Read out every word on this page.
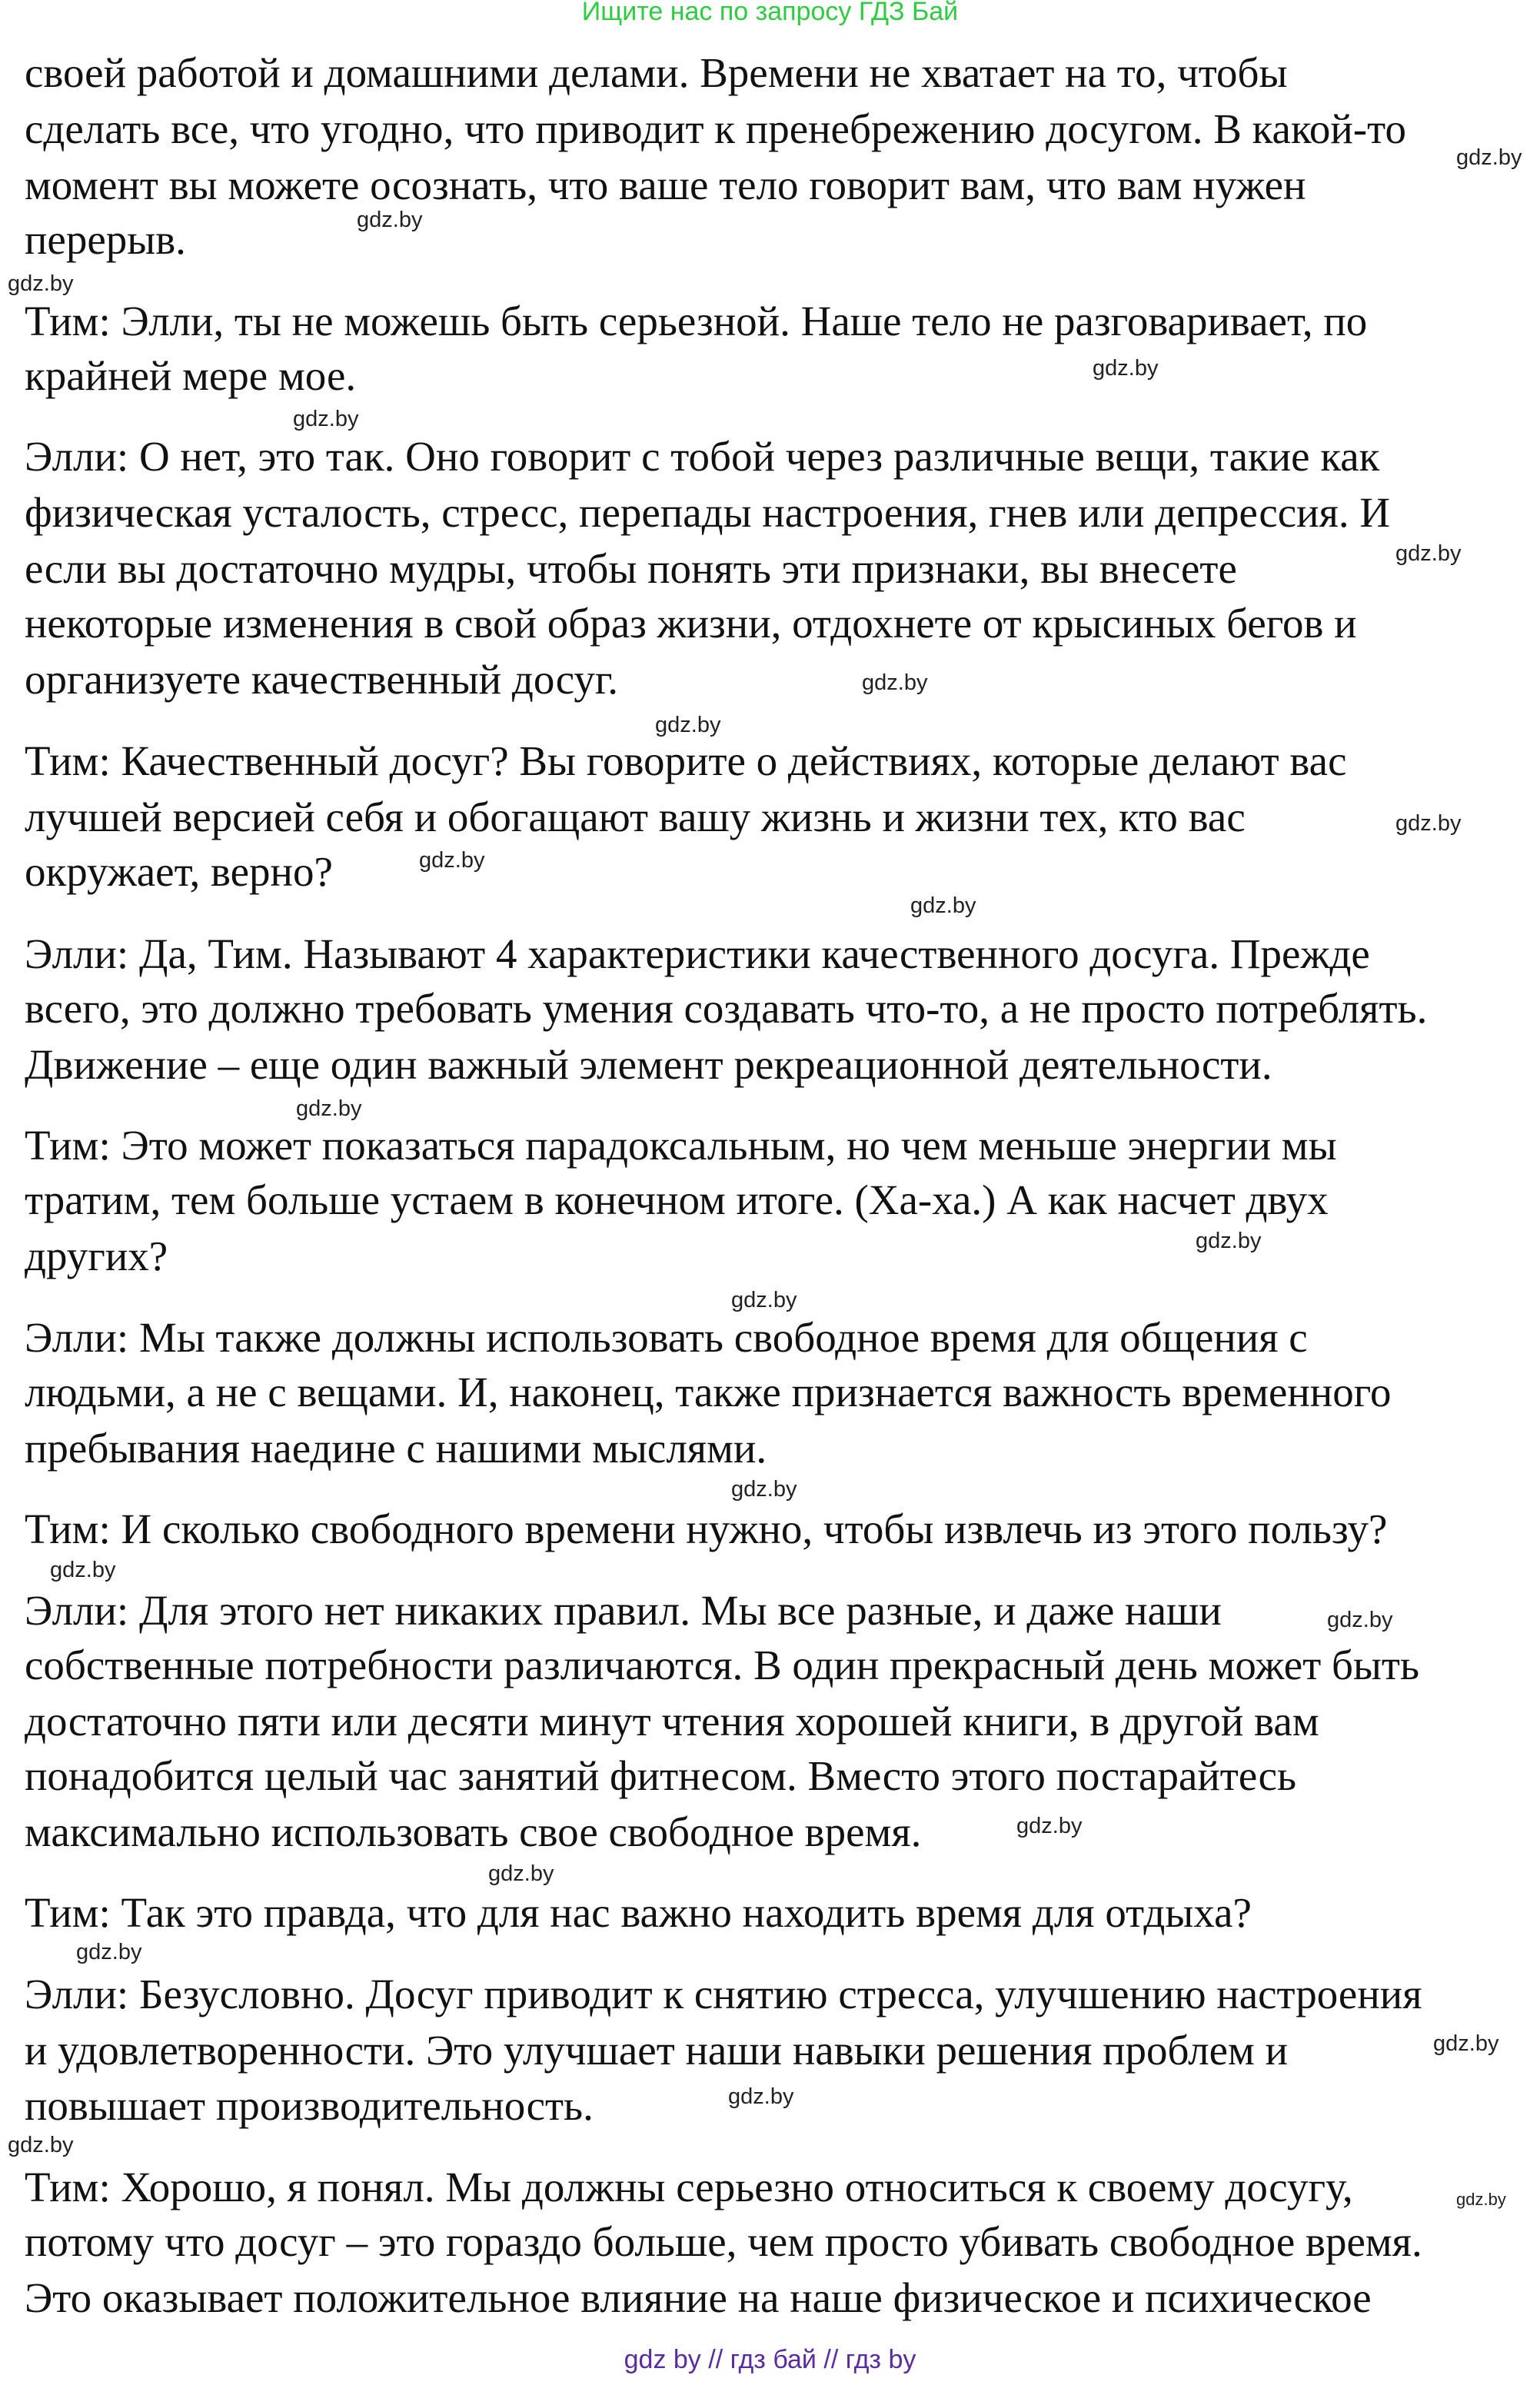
Ищите нас по запросу ГДЗ Бай
своей работой и домашними делами. Времени не хватает на то, чтобы
сделать все, что угодно, что приводит к пренебрежению досугом. В какой-то
момент вы можете осознать, что ваше тело говорит вам, что вам нужен
перерыв.
Тим: Элли, ты не можешь быть серьезной. Наше тело не разговаривает, по
крайней мере мое.
Элли: О нет, это так. Оно говорит с тобой через различные вещи, такие как
физическая усталость, стресс, перепады настроения, гнев или депрессия. И
если вы достаточно мудры, чтобы понять эти признаки, вы внесете
некоторые изменения в свой образ жизни, отдохнете от крысиных бегов и
организуете качественный досуг.
Тим: Качественный досуг? Вы говорите о действиях, которые делают вас
лучшей версией себя и обогащают вашу жизнь и жизни тех, кто вас
окружает, верно?
Элли: Да, Тим. Называют 4 характеристики качественного досуга. Прежде
всего, это должно требовать умения создавать что-то, а не просто потреблять.
Движение – еще один важный элемент рекреационной деятельности.
Тим: Это может показаться парадоксальным, но чем меньше энергии мы
тратим, тем больше устаем в конечном итоге. (Ха-ха.) А как насчет двух
других?
Элли: Мы также должны использовать свободное время для общения с
людьми, а не с вещами. И, наконец, также признается важность временного
пребывания наедине с нашими мыслями.
Тим: И сколько свободного времени нужно, чтобы извлечь из этого пользу?
Элли: Для этого нет никаких правил. Мы все разные, и даже наши
собственные потребности различаются. В один прекрасный день может быть
достаточно пяти или десяти минут чтения хорошей книги, в другой вам
понадобится целый час занятий фитнесом. Вместо этого постарайтесь
максимально использовать свое свободное время.
Тим: Так это правда, что для нас важно находить время для отдыха?
Элли: Безусловно. Досуг приводит к снятию стресса, улучшению настроения
и удовлетворенности. Это улучшает наши навыки решения проблем и
повышает производительность.
Тим: Хорошо, я понял. Мы должны серьезно относиться к своему досугу,
потому что досуг – это гораздо больше, чем просто убивать свободное время.
Это оказывает положительное влияние на наше физическое и психическое
gdz.by
gdz.by
gdz.by
gdz.by
gdz.by
gdz.by
gdz.by
gdz.by
gdz.by
gdz.by
gdz.by
gdz.by
gdz.by
gdz.by
gdz.by
gdz.by
gdz.by
gdz.by
gdz.by
gdz.by
gdz.by
gdz.by
gdz.by
gdz.by
gdz by // гдз бай // гдз by
